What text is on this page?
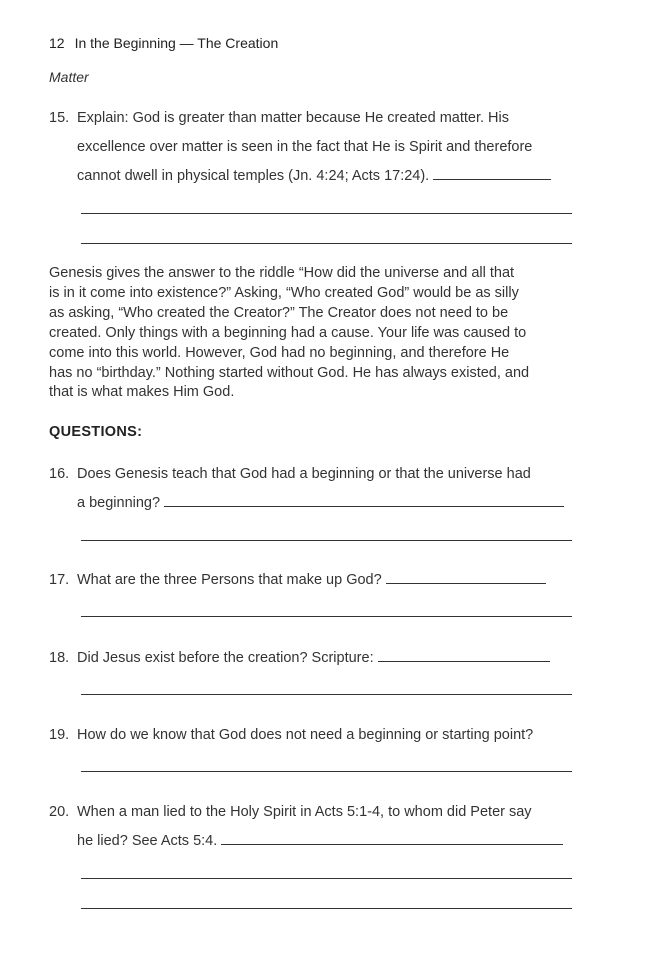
12 In the Beginning — The Creation
Matter
15. Explain: God is greater than matter because He created matter. His
excellence over matter is seen in the fact that He is Spirit and therefore
cannot dwell in physical temples (Jn. 4:24; Acts 17:24).
Genesis gives the answer to the riddle “How did the universe and all that
is in it come into existence?” Asking, “Who created God” would be as silly
as asking, “Who created the Creator?” The Creator does not need to be
created. Only things with a beginning had a cause. Your life was caused to
come into this world. However, God had no beginning, and therefore He
has no “birthday.” Nothing started without God. He has always existed, and
that is what makes Him God.
QUESTIONS:
16. Does Genesis teach that God had a beginning or that the universe had
a beginning?
17. What are the three Persons that make up God?
18. Did Jesus exist before the creation? Scripture:
19. How do we know that God does not need a beginning or starting point?
20. When a man lied to the Holy Spirit in Acts 5:1-4, to whom did Peter say
he lied? See Acts 5:4.
